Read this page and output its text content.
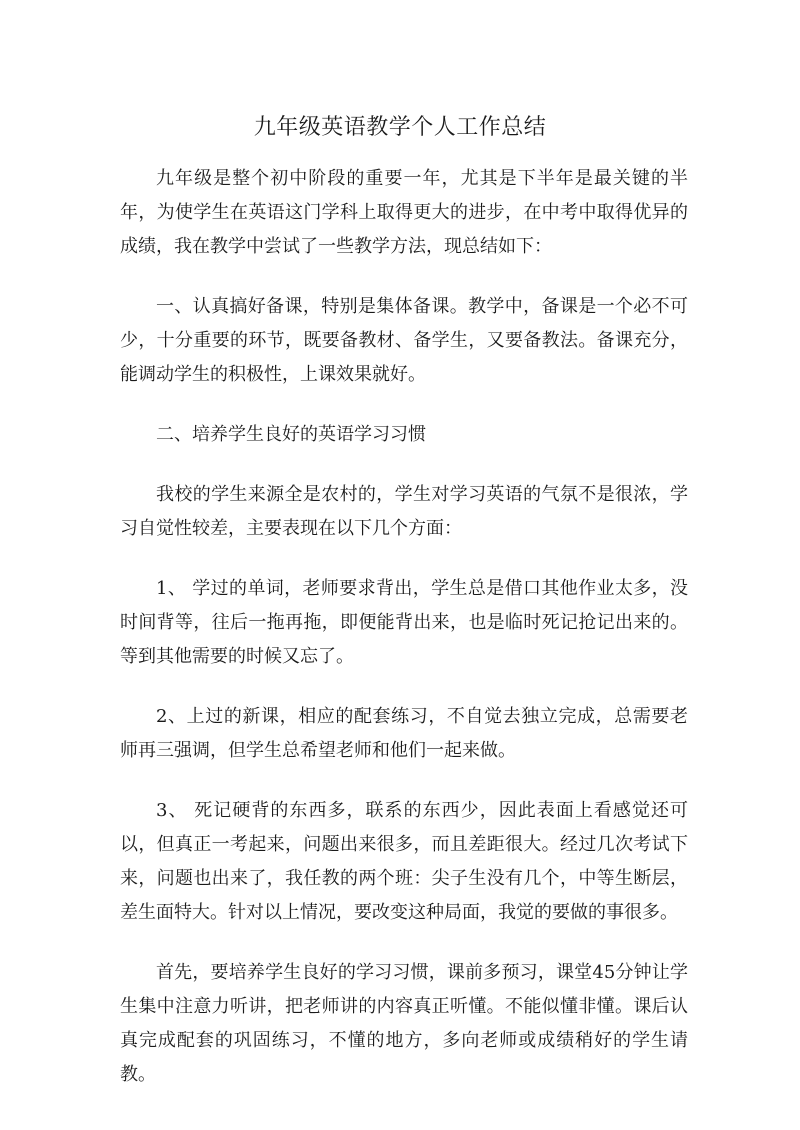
九年级英语教学个人工作总结

九年级是整个初中阶段的重要一年，尤其是下半年是最关键的半年，为使学生在英语这门学科上取得更大的进步，在中考中取得优异的成绩，我在教学中尝试了一些教学方法，现总结如下：

一、认真搞好备课，特别是集体备课。教学中，备课是一个必不可少，十分重要的环节，既要备教材、备学生，又要备教法。备课充分，能调动学生的积极性，上课效果就好。

二、培养学生良好的英语学习习惯

我校的学生来源全是农村的，学生对学习英语的气氛不是很浓，学习自觉性较差，主要表现在以下几个方面：

1、 学过的单词，老师要求背出，学生总是借口其他作业太多，没时间背等，往后一拖再拖，即便能背出来，也是临时死记抢记出来的。等到其他需要的时候又忘了。

2、上过的新课，相应的配套练习，不自觉去独立完成，总需要老师再三强调，但学生总希望老师和他们一起来做。

3、 死记硬背的东西多，联系的东西少，因此表面上看感觉还可以，但真正一考起来，问题出来很多，而且差距很大。经过几次考试下来，问题也出来了，我任教的两个班：尖子生没有几个，中等生断层，差生面特大。针对以上情况，要改变这种局面，我觉的要做的事很多。

首先，要培养学生良好的学习习惯，课前多预习，课堂45分钟让学生集中注意力听讲，把老师讲的内容真正听懂。不能似懂非懂。课后认真完成配套的巩固练习，不懂的地方，多向老师或成绩稍好的学生请教。
